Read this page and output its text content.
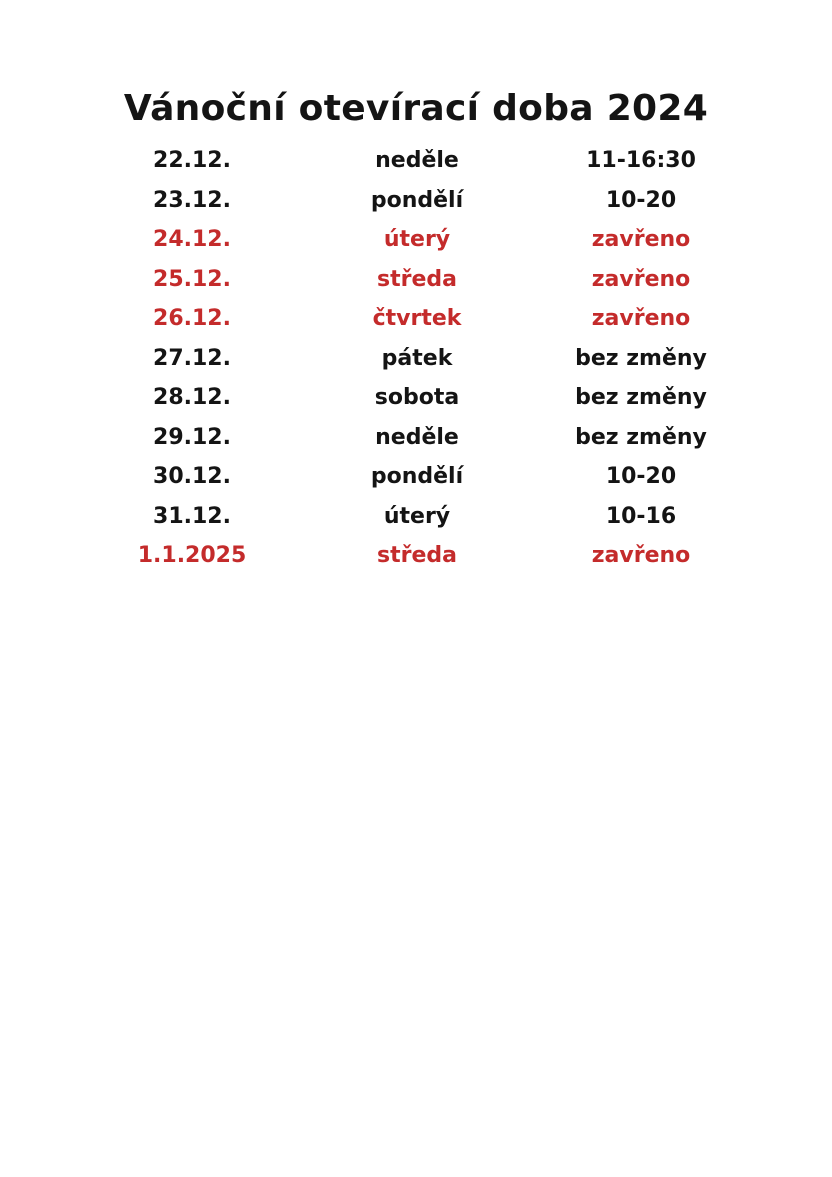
Vánoční otevírací doba 2024
22.12.	neděle	11-16:30
23.12.	pondělí	10-20
24.12.	úterý	zavřeno
25.12.	středa	zavřeno
26.12.	čtvrtek	zavřeno
27.12.	pátek	bez změny
28.12.	sobota	bez změny
29.12.	neděle	bez změny
30.12.	pondělí	10-20
31.12.	úterý	10-16
1.1.2025	středa	zavřeno
